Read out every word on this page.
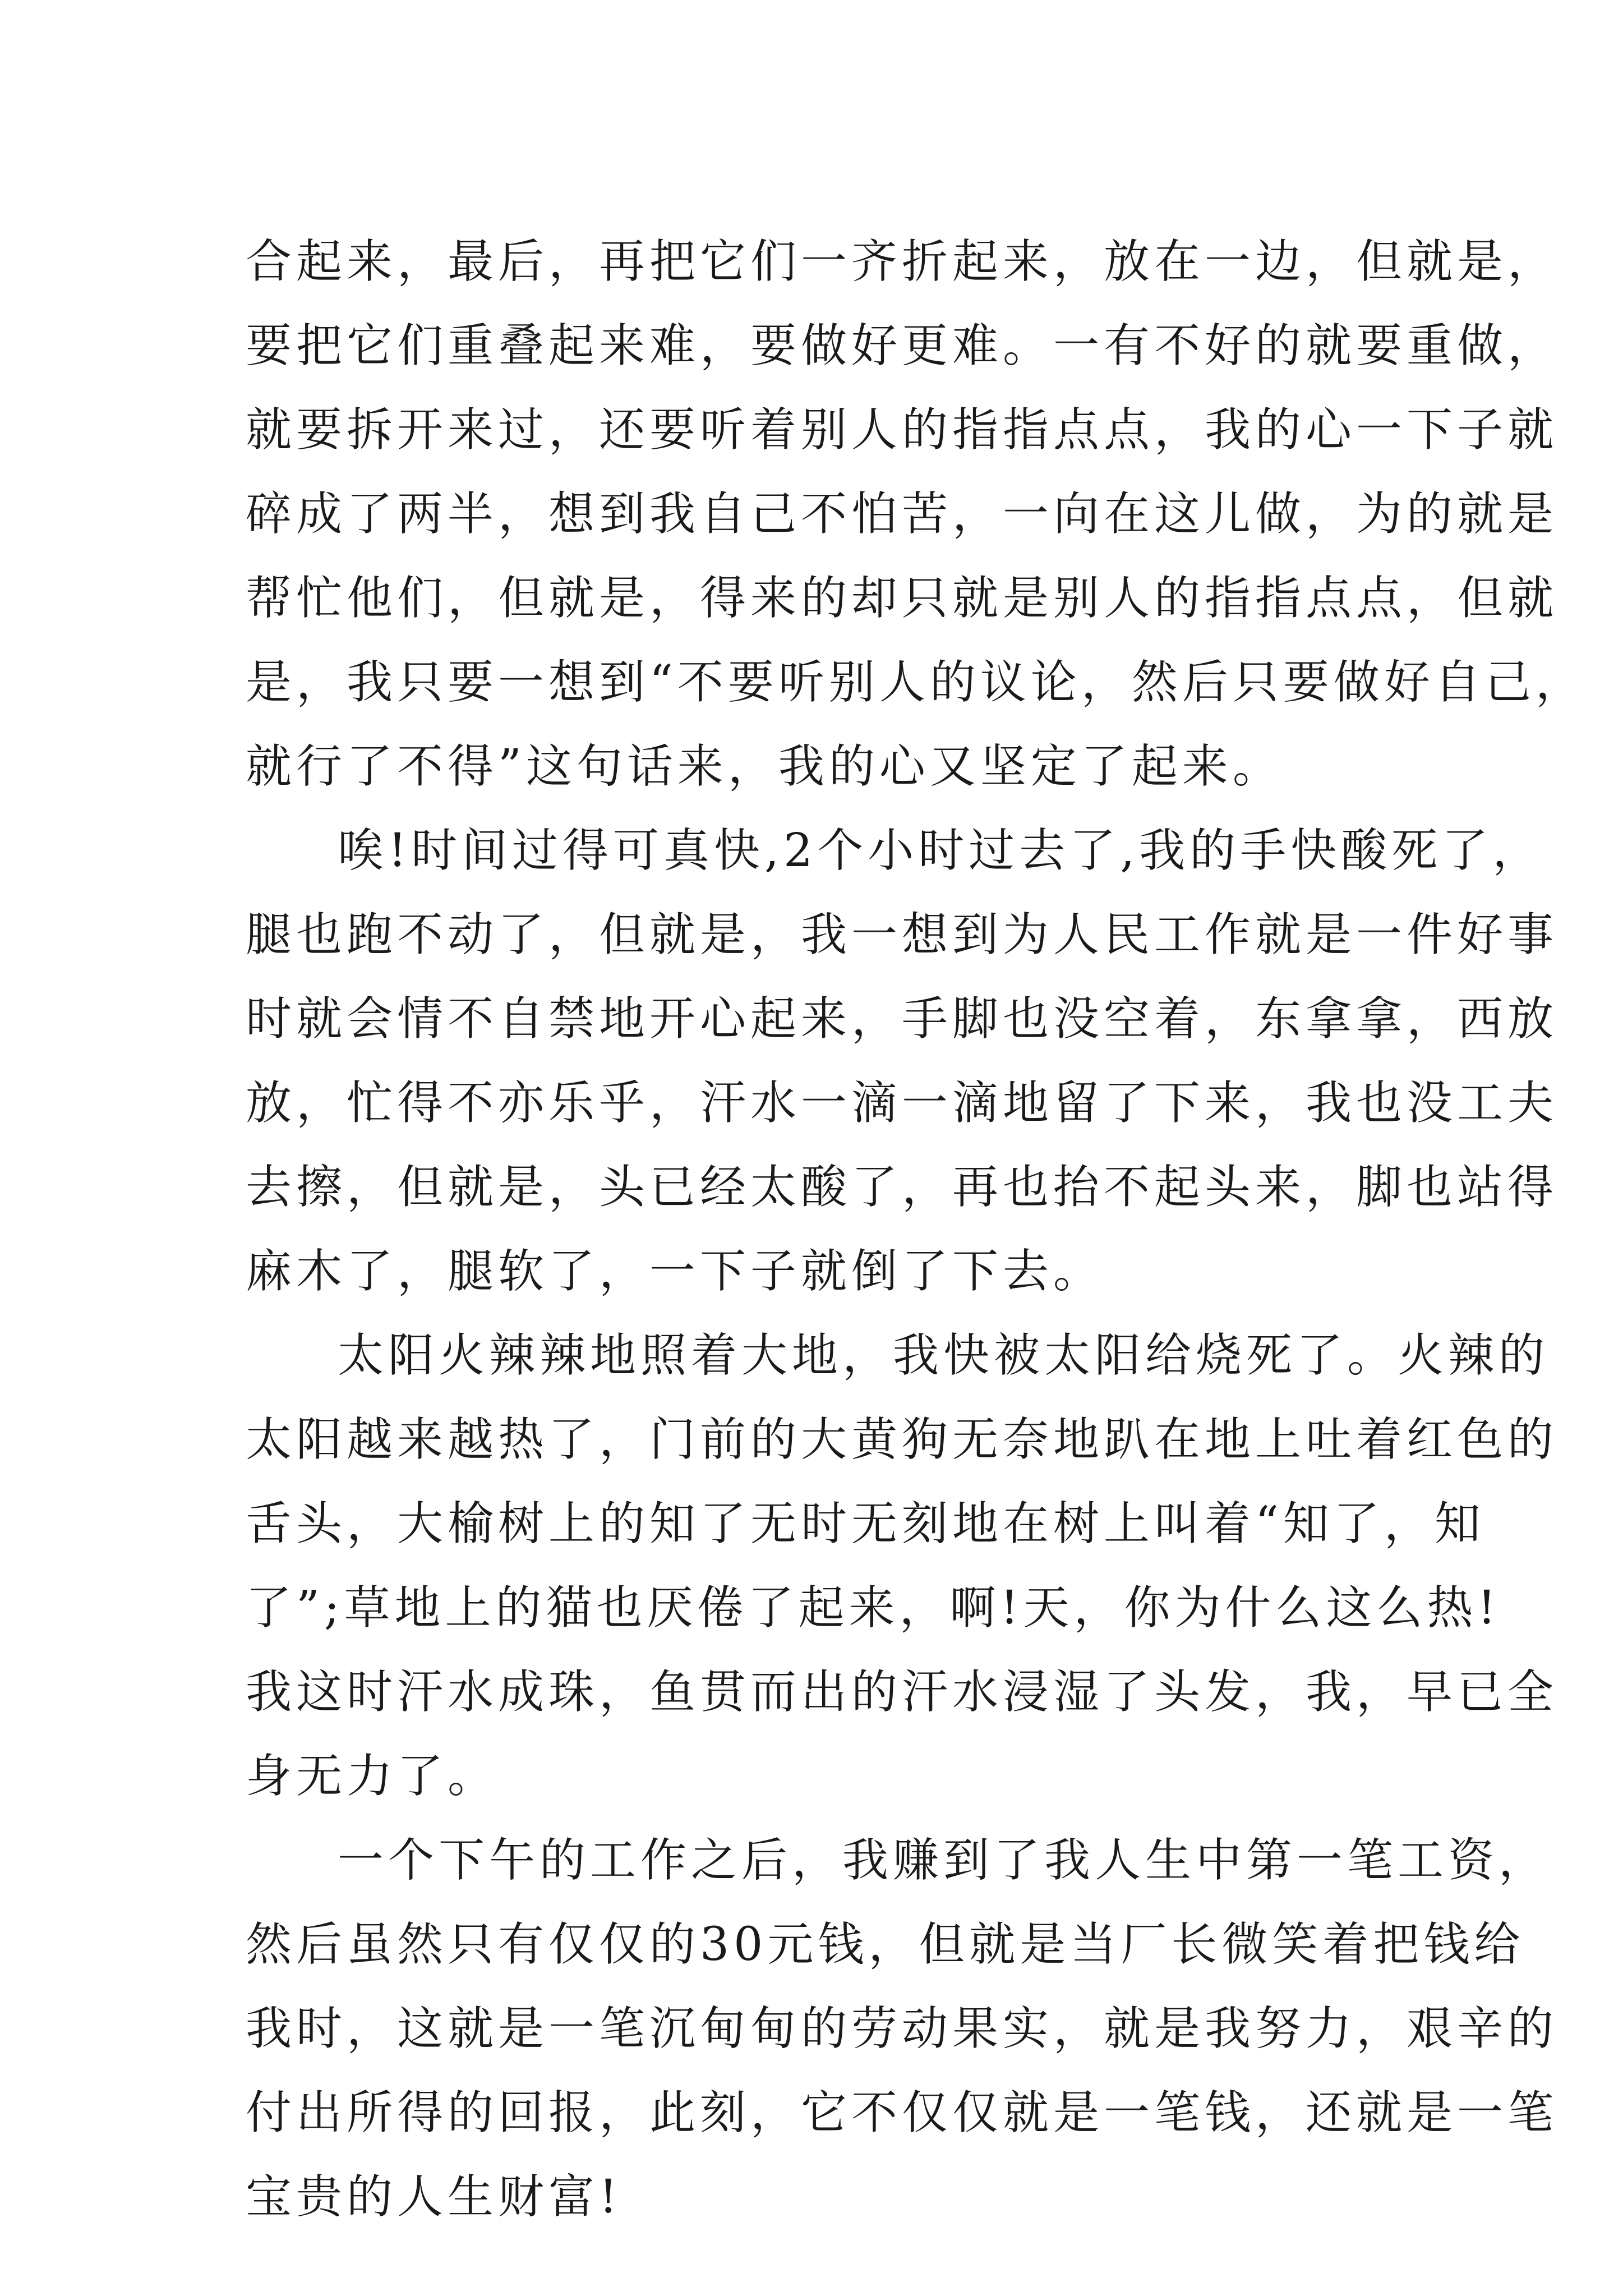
合起来，最后，再把它们一齐折起来，放在一边，但就是，
要把它们重叠起来难，要做好更难。一有不好的就要重做，
就要拆开来过，还要听着别人的指指点点，我的心一下子就
碎成了两半，想到我自己不怕苦，一向在这儿做，为的就是
帮忙他们，但就是，得来的却只就是别人的指指点点，但就
是，我只要一想到“不要听别人的议论，然后只要做好自己，
就行了不得”这句话来，我的心又坚定了起来。
唉!时间过得可真快,2个小时过去了,我的手快酸死了，
腿也跑不动了，但就是，我一想到为人民工作就是一件好事
时就会情不自禁地开心起来，手脚也没空着，东拿拿，西放
放，忙得不亦乐乎，汗水一滴一滴地留了下来，我也没工夫
去擦，但就是，头已经太酸了，再也抬不起头来，脚也站得
麻木了，腿软了，一下子就倒了下去。
太阳火辣辣地照着大地，我快被太阳给烧死了。火辣的
太阳越来越热了，门前的大黄狗无奈地趴在地上吐着红色的
舌头，大榆树上的知了无时无刻地在树上叫着“知了，知
了”;草地上的猫也厌倦了起来，啊!天，你为什么这么热!
我这时汗水成珠，鱼贯而出的汗水浸湿了头发，我，早已全
身无力了。
一个下午的工作之后，我赚到了我人生中第一笔工资，
然后虽然只有仅仅的30元钱，但就是当厂长微笑着把钱给
我时，这就是一笔沉甸甸的劳动果实，就是我努力，艰辛的
付出所得的回报，此刻，它不仅仅就是一笔钱，还就是一笔
宝贵的人生财富!
